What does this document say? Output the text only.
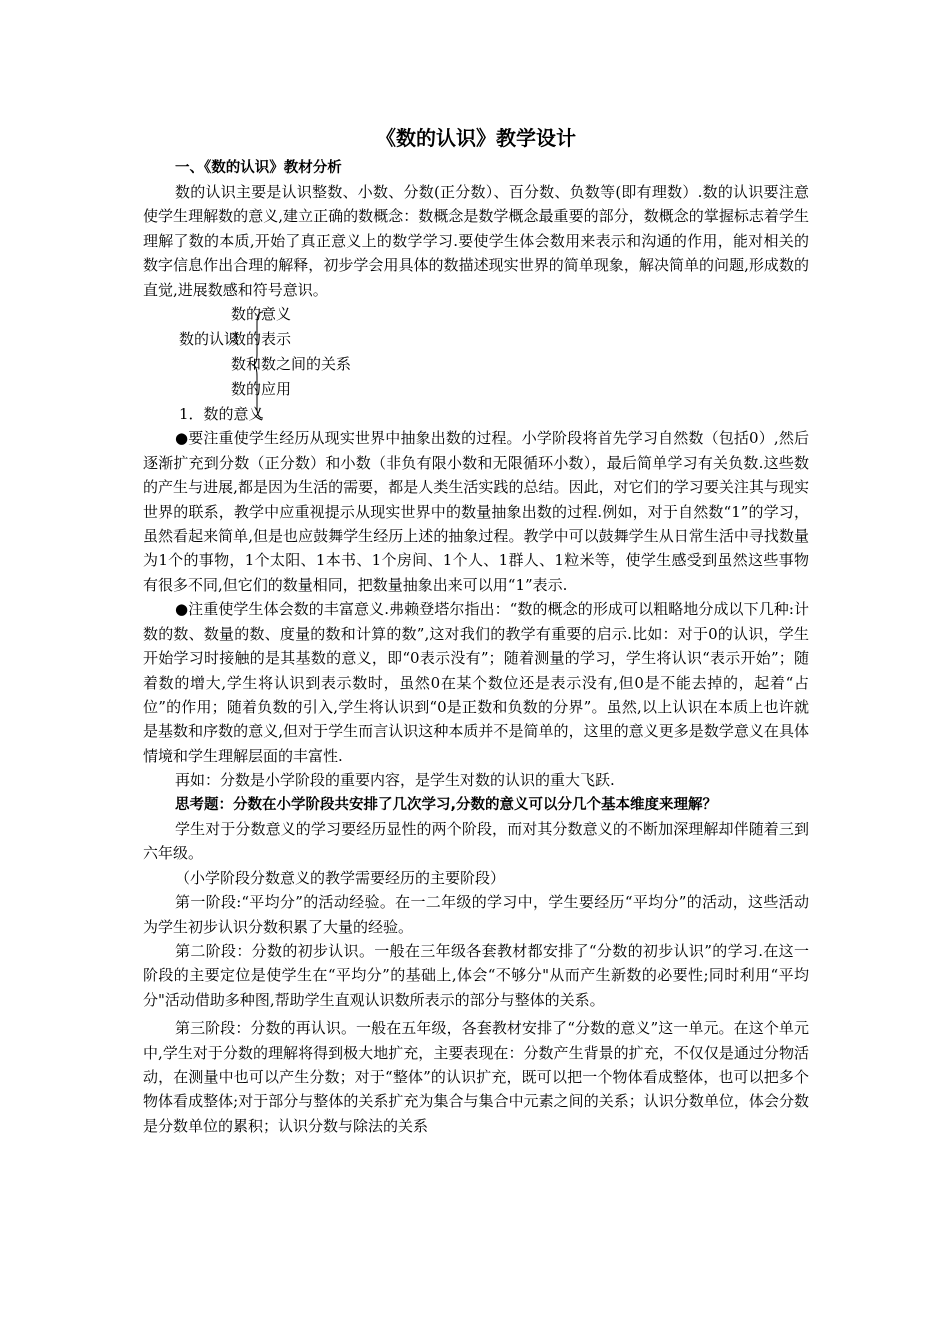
《数的认识》教学设计
一、《数的认识》教材分析

数的认识主要是认识整数、小数、分数(正分数）、百分数、负数等(即有理数）.数的认识要注意使学生理解数的意义,建立正确的数概念：数概念是数学概念最重要的部分，数概念的掌握标志着学生理解了数的本质,开始了真正意义上的数学学习.要使学生体会数用来表示和沟通的作用，能对相关的数字信息作出合理的解释，初步学会用具体的数描述现实世界的简单现象，解决简单的问题,形成数的直觉,进展数感和符号意识。

数的认识
数的意义
数的表示
数和数之间的关系
数的应用
1．数的意义

●要注重使学生经历从现实世界中抽象出数的过程。小学阶段将首先学习自然数（包括0）,然后逐渐扩充到分数（正分数）和小数（非负有限小数和无限循环小数），最后简单学习有关负数.这些数的产生与进展,都是因为生活的需要，都是人类生活实践的总结。因此，对它们的学习要关注其与现实世界的联系，教学中应重视提示从现实世界中的数量抽象出数的过程.例如，对于自然数“1”的学习，虽然看起来简单,但是也应鼓舞学生经历上述的抽象过程。教学中可以鼓舞学生从日常生活中寻找数量为1个的事物，1个太阳、1本书、1个房间、1个人、1群人、1粒米等，使学生感受到虽然这些事物有很多不同,但它们的数量相同，把数量抽象出来可以用“1”表示.

●注重使学生体会数的丰富意义.弗赖登塔尔指出：“数的概念的形成可以粗略地分成以下几种:计数的数、数量的数、度量的数和计算的数”,这对我们的教学有重要的启示.比如：对于0的认识，学生开始学习时接触的是其基数的意义，即“0表示没有”；随着测量的学习，学生将认识“表示开始”；随着数的增大,学生将认识到表示数时，虽然0在某个数位还是表示没有,但0是不能去掉的，起着“占位”的作用；随着负数的引入,学生将认识到“0是正数和负数的分界”。虽然,以上认识在本质上也许就是基数和序数的意义,但对于学生而言认识这种本质并不是简单的，这里的意义更多是数学意义在具体情境和学生理解层面的丰富性.

再如：分数是小学阶段的重要内容，是学生对数的认识的重大飞跃.

思考题：分数在小学阶段共安排了几次学习,分数的意义可以分几个基本维度来理解？

学生对于分数意义的学习要经历显性的两个阶段，而对其分数意义的不断加深理解却伴随着三到六年级。

（小学阶段分数意义的教学需要经历的主要阶段）

第一阶段:“平均分”的活动经验。在一二年级的学习中，学生要经历“平均分”的活动，这些活动为学生初步认识分数积累了大量的经验。

第二阶段：分数的初步认识。一般在三年级各套教材都安排了“分数的初步认识”的学习.在这一阶段的主要定位是使学生在“平均分”的基础上,体会“不够分"从而产生新数的必要性;同时利用“平均分"活动借助多种图,帮助学生直观认识数所表示的部分与整体的关系。

第三阶段：分数的再认识。一般在五年级，各套教材安排了“分数的意义”这一单元。在这个单元中,学生对于分数的理解将得到极大地扩充，主要表现在：分数产生背景的扩充，不仅仅是通过分物活动，在测量中也可以产生分数；对于“整体”的认识扩充，既可以把一个物体看成整体，也可以把多个物体看成整体;对于部分与整体的关系扩充为集合与集合中元素之间的关系；认识分数单位，体会分数是分数单位的累积；认识分数与除法的关系
